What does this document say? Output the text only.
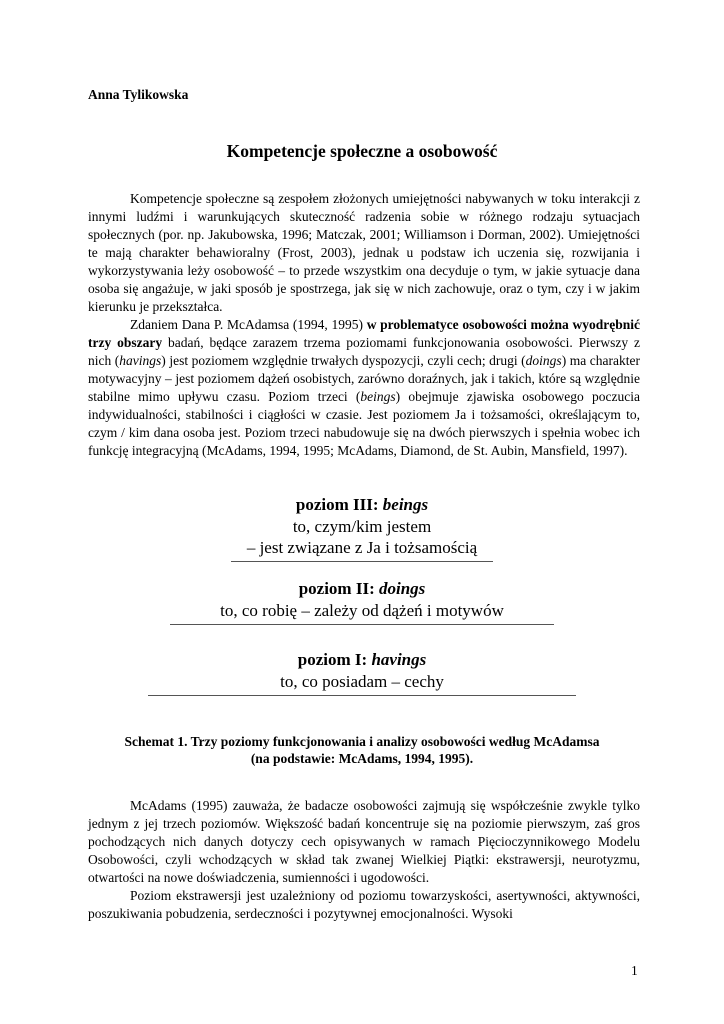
Anna Tylikowska
Kompetencje społeczne a osobowość

Kompetencje społeczne są zespołem złożonych umiejętności nabywanych w toku interakcji z innymi ludźmi i warunkujących skuteczność radzenia sobie w różnego rodzaju sytuacjach społecznych (por. np. Jakubowska, 1996; Matczak, 2001; Williamson i Dorman, 2002). Umiejętności te mają charakter behawioralny (Frost, 2003), jednak u podstaw ich uczenia się, rozwijania i wykorzystywania leży osobowość – to przede wszystkim ona decyduje o tym, w jakie sytuacje dana osoba się angażuje, w jaki sposób je spostrzega, jak się w nich zachowuje, oraz o tym, czy i w jakim kierunku je przekształca.

Zdaniem Dana P. McAdamsa (1994, 1995) w problematyce osobowości można wyodrębnić trzy obszary badań, będące zarazem trzema poziomami funkcjonowania osobowości. Pierwszy z nich (havings) jest poziomem względnie trwałych dyspozycji, czyli cech; drugi (doings) ma charakter motywacyjny – jest poziomem dążeń osobistych, zarówno doraźnych, jak i takich, które są względnie stabilne mimo upływu czasu. Poziom trzeci (beings) obejmuje zjawiska osobowego poczucia indywidualności, stabilności i ciągłości w czasie. Jest poziomem Ja i tożsamości, określającym to, czym / kim dana osoba jest. Poziom trzeci nabudowuje się na dwóch pierwszych i spełnia wobec ich funkcję integracyjną (McAdams, 1994, 1995; McAdams, Diamond, de St. Aubin, Mansfield, 1997).

poziom III: beings
to, czym/kim jestem
– jest związane z Ja i tożsamością
poziom II: doings
to, co robię – zależy od dążeń i motywów
poziom I: havings
to, co posiadam – cechy
Schemat 1. Trzy poziomy funkcjonowania i analizy osobowości według McAdamsa
(na podstawie: McAdams, 1994, 1995).

McAdams (1995) zauważa, że badacze osobowości zajmują się współcześnie zwykle tylko jednym z jej trzech poziomów. Większość badań koncentruje się na poziomie pierwszym, zaś gros pochodzących nich danych dotyczy cech opisywanych w ramach Pięcioczynnikowego Modelu Osobowości, czyli wchodzących w skład tak zwanej Wielkiej Piątki: ekstrawersji, neurotyzmu, otwartości na nowe doświadczenia, sumienności i ugodowości.

Poziom ekstrawersji jest uzależniony od poziomu towarzyskości, asertywności, aktywności, poszukiwania pobudzenia, serdeczności i pozytywnej emocjonalności. Wysoki

1
